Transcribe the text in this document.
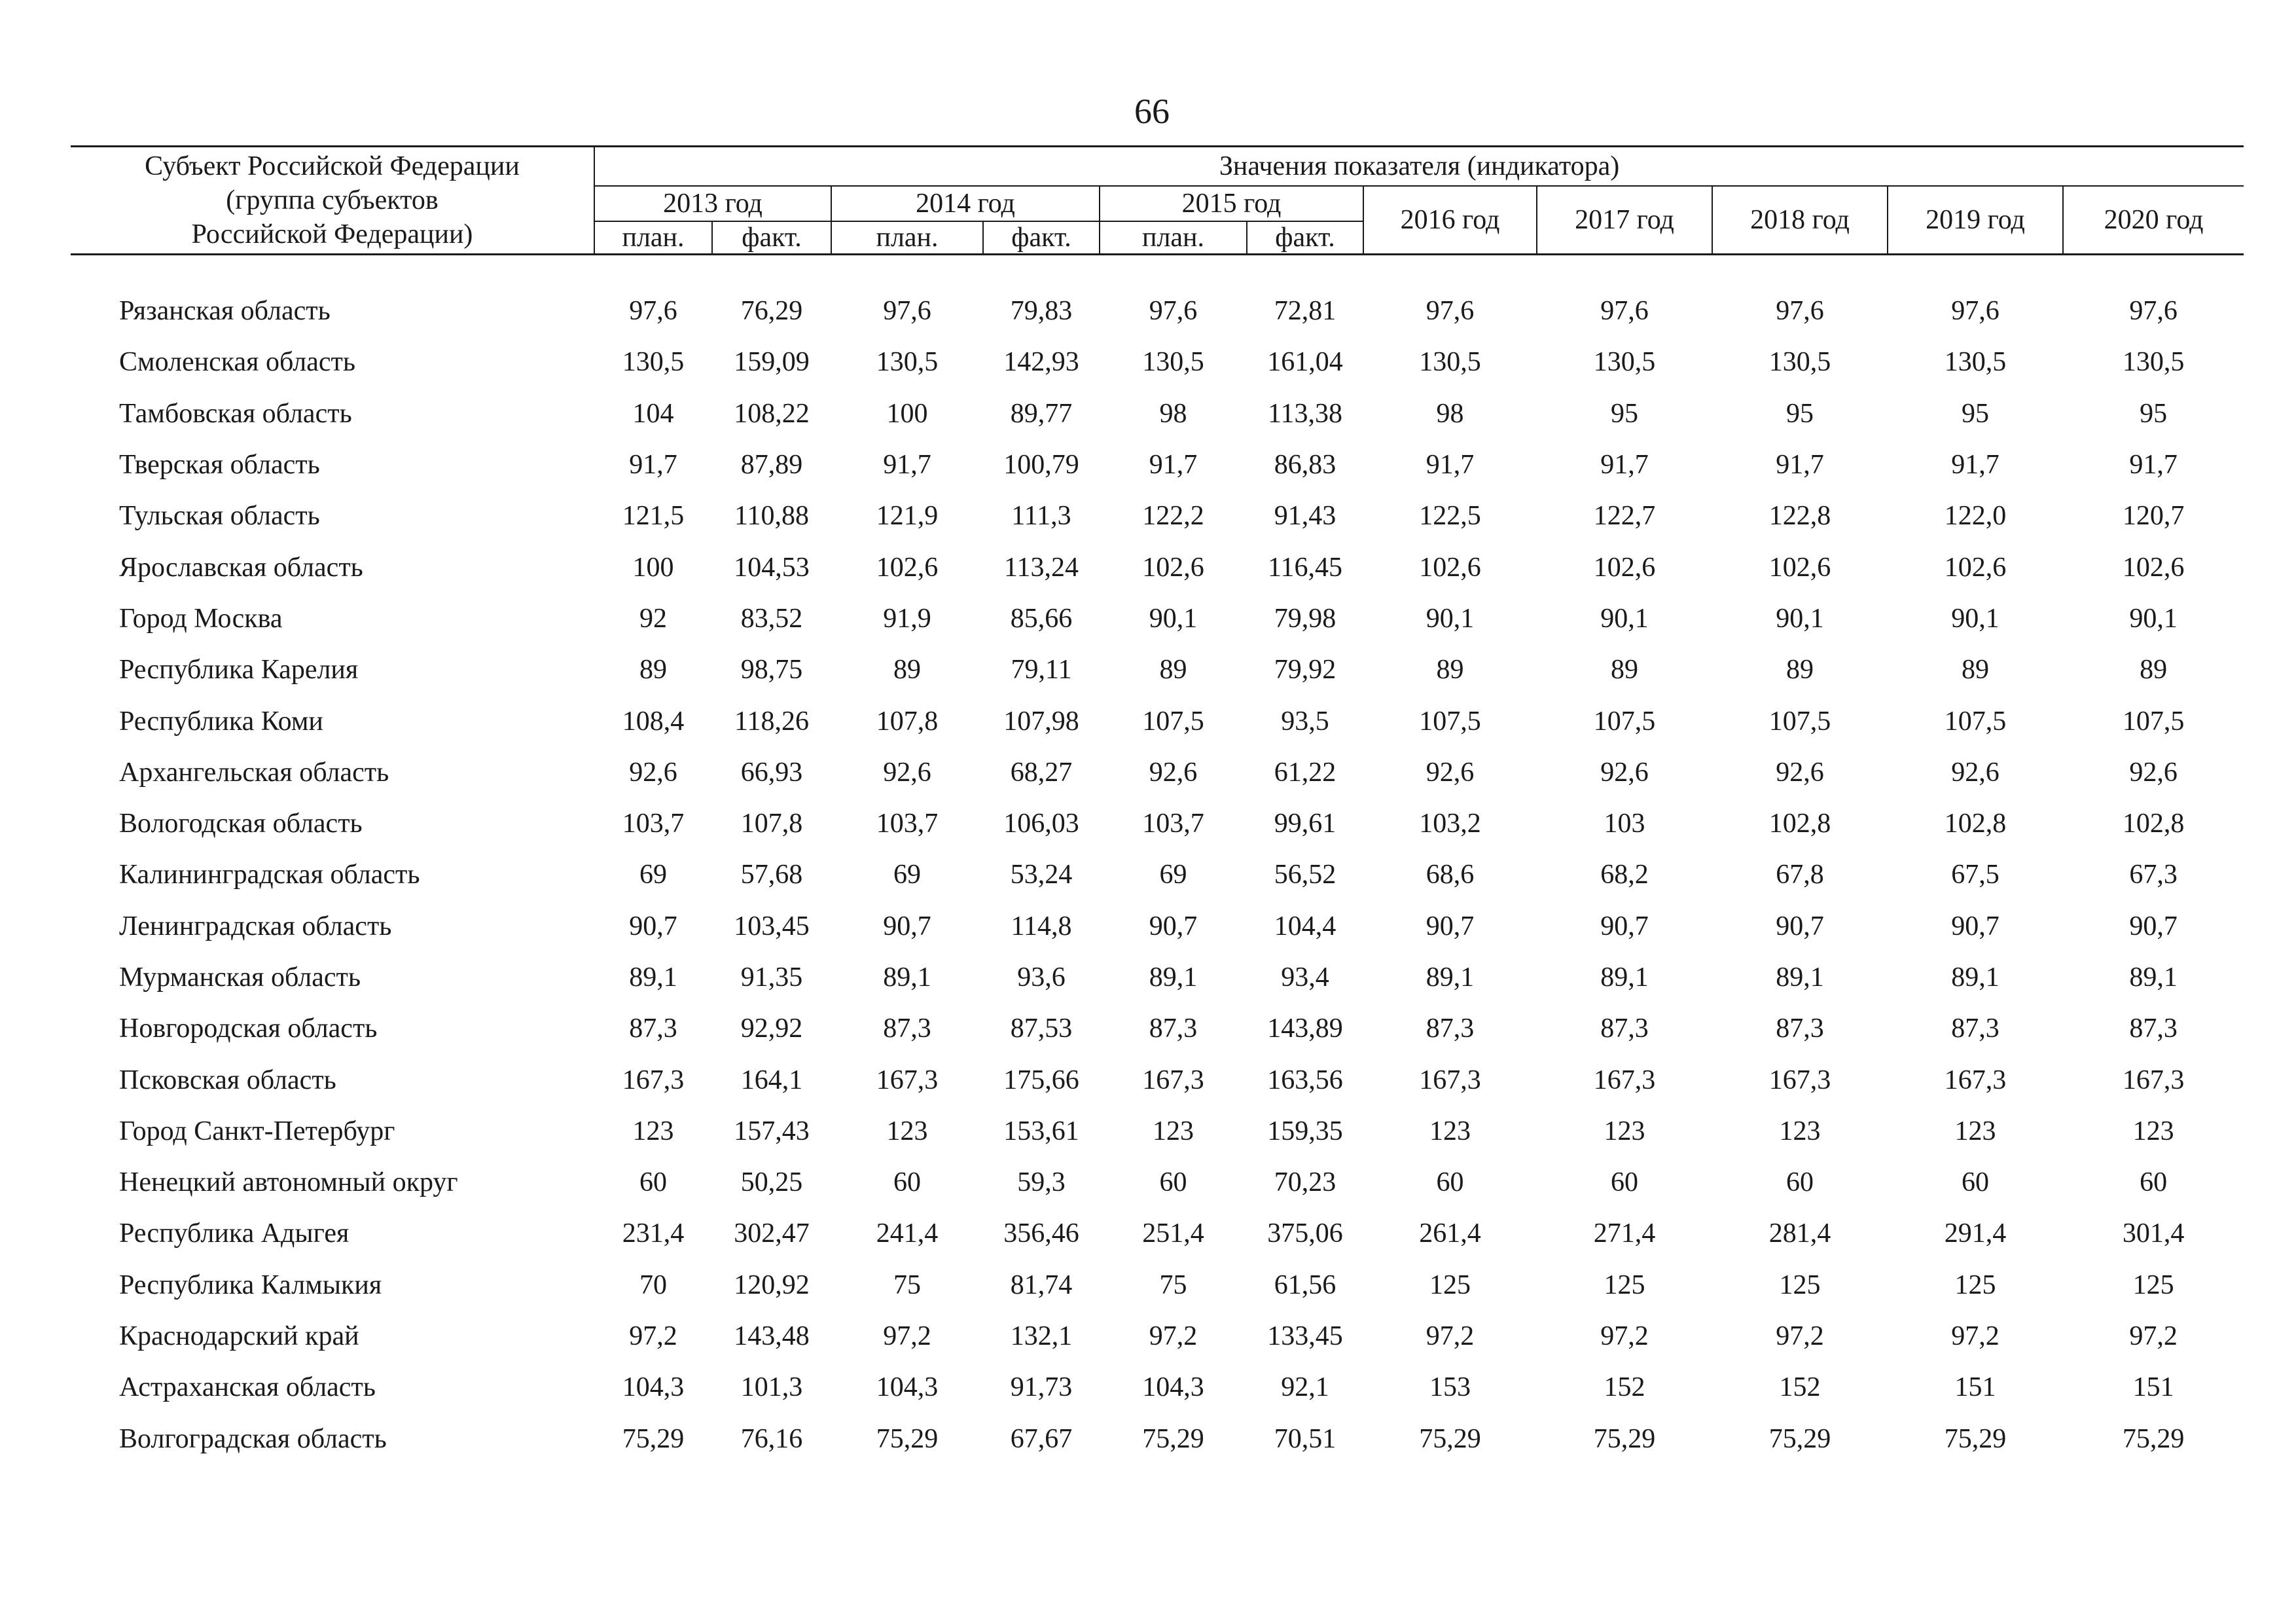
66
Субъект Российской Федерации
(группа субъектов
Российской Федерации)	Значения показателя (индикатора)										
	2013 год		2014 год		2015 год		2016 год	2017 год	2018 год	2019 год	2020 год
	план.	факт.	план.	факт.	план.	факт.					

Рязанская область	97,6	76,29	97,6	79,83	97,6	72,81	97,6	97,6	97,6	97,6	97,6
Смоленская область	130,5	159,09	130,5	142,93	130,5	161,04	130,5	130,5	130,5	130,5	130,5
Тамбовская область	104	108,22	100	89,77	98	113,38	98	95	95	95	95
Тверская область	91,7	87,89	91,7	100,79	91,7	86,83	91,7	91,7	91,7	91,7	91,7
Тульская область	121,5	110,88	121,9	111,3	122,2	91,43	122,5	122,7	122,8	122,0	120,7
Ярославская область	100	104,53	102,6	113,24	102,6	116,45	102,6	102,6	102,6	102,6	102,6
Город Москва	92	83,52	91,9	85,66	90,1	79,98	90,1	90,1	90,1	90,1	90,1
Республика Карелия	89	98,75	89	79,11	89	79,92	89	89	89	89	89
Республика Коми	108,4	118,26	107,8	107,98	107,5	93,5	107,5	107,5	107,5	107,5	107,5
Архангельская область	92,6	66,93	92,6	68,27	92,6	61,22	92,6	92,6	92,6	92,6	92,6
Вологодская область	103,7	107,8	103,7	106,03	103,7	99,61	103,2	103	102,8	102,8	102,8
Калининградская область	69	57,68	69	53,24	69	56,52	68,6	68,2	67,8	67,5	67,3
Ленинградская область	90,7	103,45	90,7	114,8	90,7	104,4	90,7	90,7	90,7	90,7	90,7
Мурманская область	89,1	91,35	89,1	93,6	89,1	93,4	89,1	89,1	89,1	89,1	89,1
Новгородская область	87,3	92,92	87,3	87,53	87,3	143,89	87,3	87,3	87,3	87,3	87,3
Псковская область	167,3	164,1	167,3	175,66	167,3	163,56	167,3	167,3	167,3	167,3	167,3
Город Санкт-Петербург	123	157,43	123	153,61	123	159,35	123	123	123	123	123
Ненецкий автономный округ	60	50,25	60	59,3	60	70,23	60	60	60	60	60
Республика Адыгея	231,4	302,47	241,4	356,46	251,4	375,06	261,4	271,4	281,4	291,4	301,4
Республика Калмыкия	70	120,92	75	81,74	75	61,56	125	125	125	125	125
Краснодарский край	97,2	143,48	97,2	132,1	97,2	133,45	97,2	97,2	97,2	97,2	97,2
Астраханская область	104,3	101,3	104,3	91,73	104,3	92,1	153	152	152	151	151
Волгоградская область	75,29	76,16	75,29	67,67	75,29	70,51	75,29	75,29	75,29	75,29	75,29
